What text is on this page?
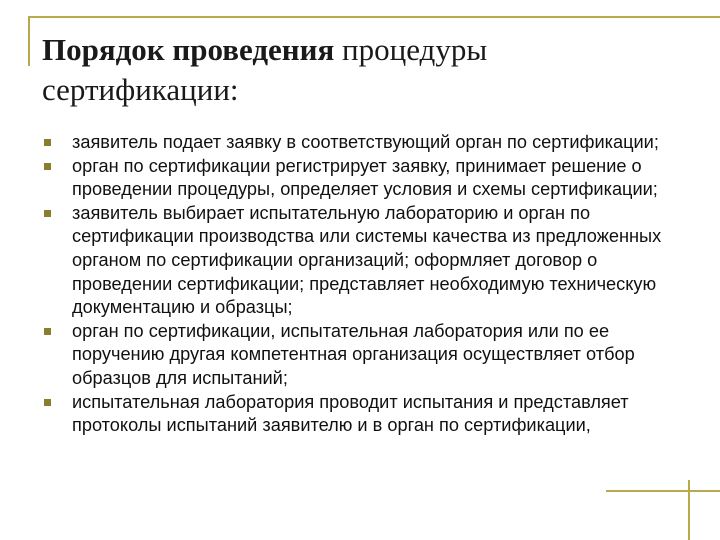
Порядок проведения процедуры
сертификации:
заявитель подает заявку в соответствующий орган по сертификации;
орган по сертификации регистрирует заявку, принимает решение о проведении процедуры, определяет условия и схемы сертификации;
заявитель выбирает испытательную лабораторию и орган по сертификации производства или системы качества из предложенных органом по сертификации организаций; оформляет договор о проведении сертификации; представляет необходимую техническую документацию и образцы;
орган по сертификации, испытательная лаборатория или по ее поручению другая компетентная организация осуществляет отбор образцов для испытаний;
испытательная лаборатория проводит испытания и представляет протоколы испытаний заявителю и в орган по сертификации,
